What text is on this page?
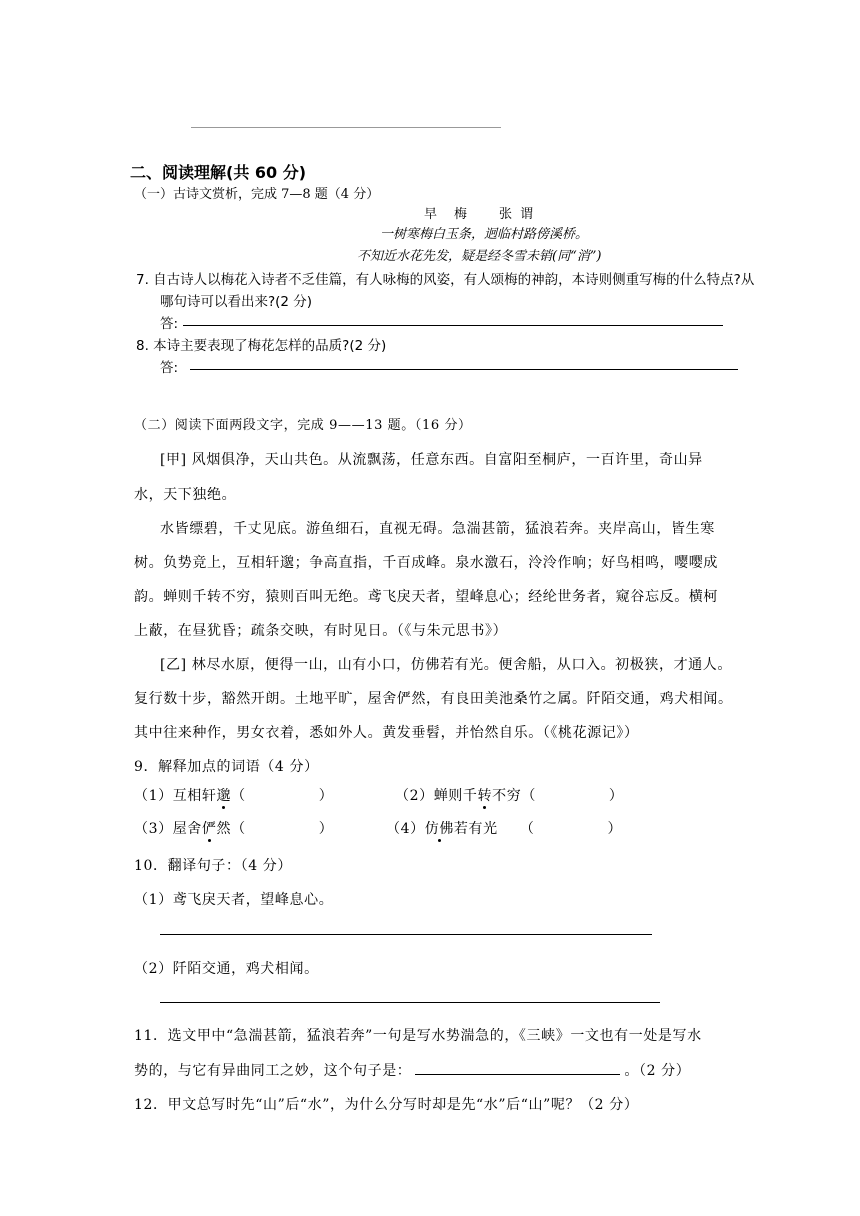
二、阅读理解(共 60 分)
（一）古诗文赏析，完成 7—8 题（4 分）
早　梅　　张 谓
一树寒梅白玉条，迥临村路傍溪桥。
不知近水花先发，疑是经冬雪未销(同“消”)
7. 自古诗人以梅花入诗者不乏佳篇，有人咏梅的风姿，有人颂梅的神韵，本诗则侧重写梅的什么特点?从
哪句诗可以看出来?(2 分)
答:
8. 本诗主要表现了梅花怎样的品质?(2 分)
答:
（二）阅读下面两段文字，完成 9——13 题。（16 分）
[甲] 风烟俱净，天山共色。从流飘荡，任意东西。自富阳至桐庐，一百许里，奇山异
水，天下独绝。
水皆缥碧，千丈见底。游鱼细石，直视无碍。急湍甚箭，猛浪若奔。夹岸高山，皆生寒
树。负势竞上，互相轩邈；争高直指，千百成峰。泉水激石，泠泠作响；好鸟相鸣，嘤嘤成
韵。蝉则千转不穷，猿则百叫无绝。鸢飞戾天者，望峰息心；经纶世务者，窥谷忘反。横柯
上蔽，在昼犹昏；疏条交映，有时见日。（《与朱元思书》）
[乙] 林尽水原，便得一山，山有小口，仿佛若有光。便舍船，从口入。初极狭，才通人。
复行数十步，豁然开朗。土地平旷，屋舍俨然，有良田美池桑竹之属。阡陌交通，鸡犬相闻。
其中往来种作，男女衣着，悉如外人。黄发垂髫，并怡然自乐。（《桃花源记》）
9．解释加点的词语（4 分）
（1）互相轩邈（　　　　　）	（2）蝉则千转不穷（　　　　　）
（3）屋舍俨然（　　　　　）	（4）仿佛若有光　　（　　　　　）
10．翻译句子：（4 分）
（1）鸢飞戾天者，望峰息心。
（2）阡陌交通，鸡犬相闻。
11．选文甲中“急湍甚箭，猛浪若奔”一句是写水势湍急的，《三峡》一文也有一处是写水
势的，与它有异曲同工之妙，这个句子是：	。（2 分）
12．甲文总写时先“山”后“水”，为什么分写时却是先“水”后“山”呢？（2 分）
